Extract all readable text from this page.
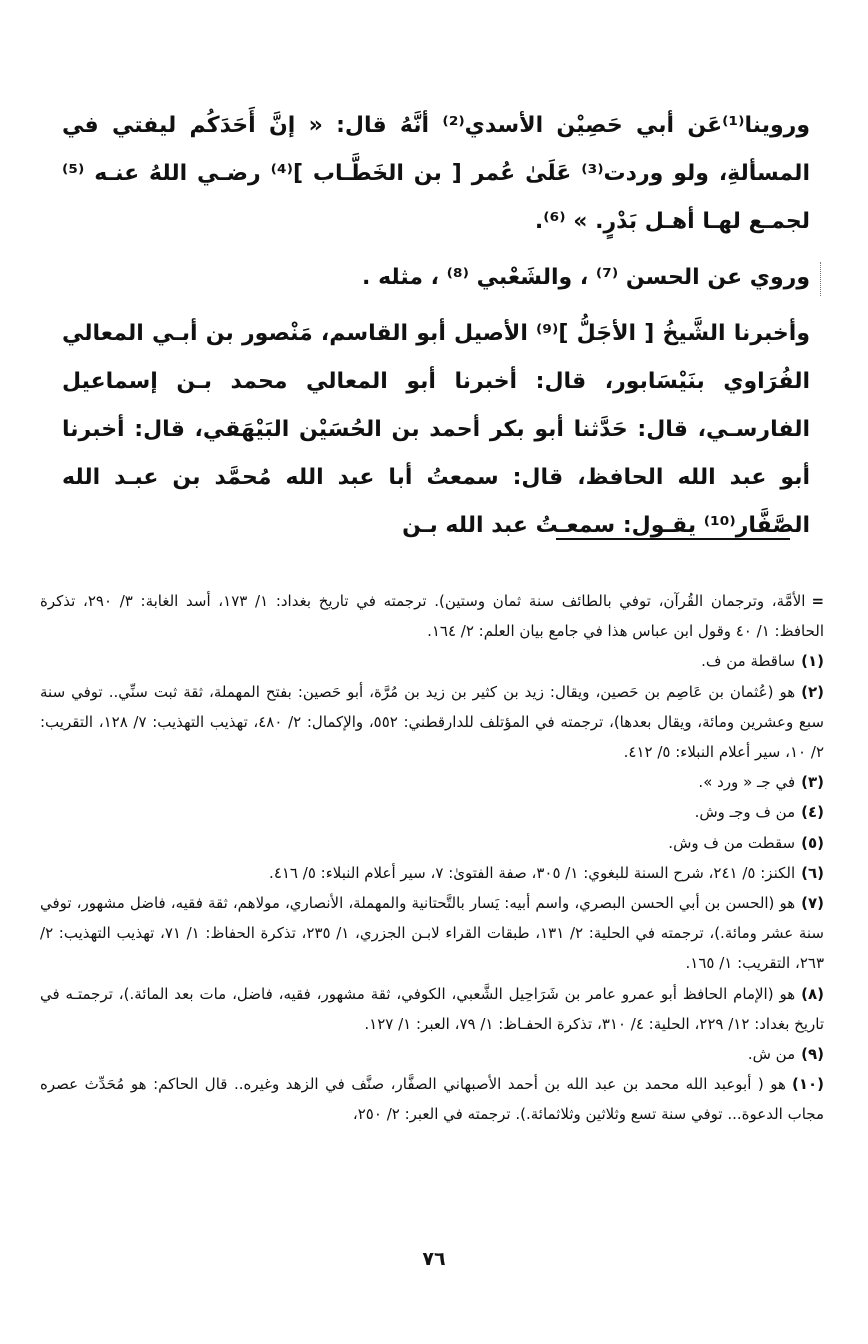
وروينا⁽¹⁾عَن أبي حَصِيْن الأسدي⁽²⁾ أنَّهُ قال: « إنَّ أَحَدَكُم ليفتي في المسألةِ، ولو وردت⁽³⁾ عَلَىٰ عُمر [ بن الخَطَّـاب ]⁽⁴⁾ رضـي اللهُ عنـه ⁽⁵⁾ لجمـع لهـا أهـل بَدْرٍ. » ⁽⁶⁾.

وروي عن الحسن ⁽⁷⁾ ، والشَعْبي ⁽⁸⁾ ، مثله .

وأخبرنا الشَّيخُ [ الأجَلُّ ]⁽⁹⁾ الأصيل أبو القاسم، مَنْصور بن أبـي المعالي الفُرَاوي بنَيْسَابور، قال: أخبرنا أبو المعالي محمد بـن إسماعيل الفارسـي، قال: حَدَّثنا أبو بكر أحمد بن الحُسَيْن البَيْهَقي، قال: أخبرنا أبو عبد الله الحافظ، قال: سمعتُ أبا عبد الله مُحمَّد بن عبـد الله الصَّفَّار⁽¹⁰⁾ يقـول: سمعـتُ عبد الله بـن

=الأمَّة، وترجمان القُرآن، توفي بالطائف سنة ثمان وستين). ترجمته في تاريخ بغداد: ١/ ١٧٣، أسد الغابة: ٣/ ٢٩٠، تذكرة الحافظ: ١/ ٤٠ وقول ابن عباس هذا في جامع بيان العلم: ٢/ ١٦٤.

(١)ساقطة من ف.

(٢)هو (عُثمان بن عَاصِم بن حَصين، ويقال: زيد بن كثير بن زيد بن مُرَّة، أبو حَصين: بفتح المهملة، ثقة ثبت سنِّي.. توفي سنة سبع وعشرين ومائة، ويقال بعدها)، ترجمته في المؤتلف للدارقطني: ٥٥٢، والإكمال: ٢/ ٤٨٠، تهذيب التهذيب: ٧/ ١٢٨، التقريب: ٢/ ١٠، سير أعلام النبلاء: ٥/ ٤١٢.

(٣)في جـ « ورد ».

(٤)من ف وجـ وش.

(٥)سقطت من ف وش.

(٦)الكنز: ٥/ ٢٤١، شرح السنة للبغوي: ١/ ٣٠٥، صفة الفتوىٰ: ٧، سير أعلام النبلاء: ٥/ ٤١٦.

(٧)هو (الحسن بن أبي الحسن البصري، واسم أبيه: يَسار بالتَّحتانية والمهملة، الأنصاري، مولاهم، ثقة فقيه، فاضل مشهور، توفي سنة عشر ومائة.)، ترجمته في الحلية: ٢/ ١٣١، طبقات القراء لابـن الجزري، ١/ ٢٣٥، تذكرة الحفاظ: ١/ ٧١، تهذيب التهذيب: ٢/ ٢٦٣، التقريب: ١/ ١٦٥.

(٨)هو (الإمام الحافظ أبو عمرو عامر بن شَرَاحِيل الشَّعبي، الكوفي، ثقة مشهور، فقيه، فاضل، مات بعد المائة.)، ترجمتـه في تاريخ بغداد: ١٢/ ٢٢٩، الحلية: ٤/ ٣١٠، تذكرة الحفـاظ: ١/ ٧٩، العبر: ١/ ١٢٧.

(٩)من ش.

(١٠)هو ( أبوعبد الله محمد بن عبد الله بن أحمد الأصبهاني الصفَّار، صنَّف في الزهد وغيره.. قال الحاكم: هو مُحَدِّث عصره مجاب الدعوة... توفي سنة تسع وثلاثين وثلاثمائة.). ترجمته في العبر: ٢/ ٢٥٠،

٧٦
